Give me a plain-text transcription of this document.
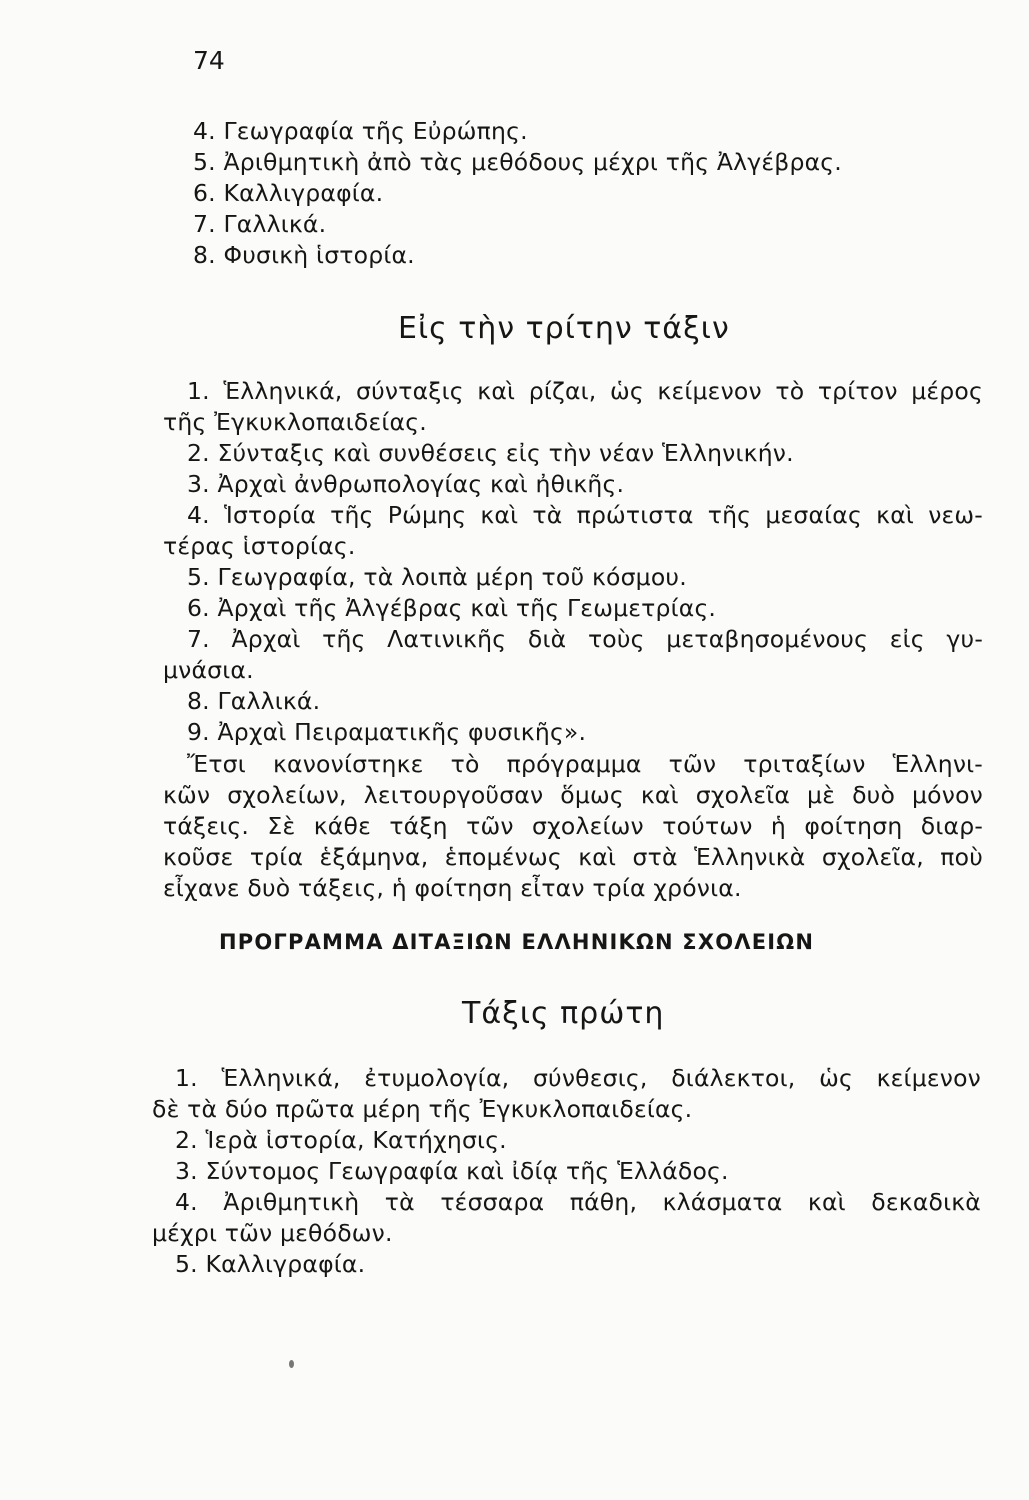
74
4. Γεωγραφία τῆς Εὐρώπης.
5. Ἀριθμητικὴ ἀπὸ τὰς μεθόδους μέχρι τῆς Ἀλγέβρας.
6. Καλλιγραφία.
7. Γαλλικά.
8. Φυσικὴ ἱστορία.
Εἰς τὴν τρίτην τάξιν
1. Ἑλληνικά, σύνταξις καὶ ρίζαι, ὡς κείμενον τὸ τρίτον μέρος
τῆς Ἐγκυκλοπαιδείας.
2. Σύνταξις καὶ συνθέσεις εἰς τὴν νέαν Ἑλληνικήν.
3. Ἀρχαὶ ἀνθρωπολογίας καὶ ἠθικῆς.
4. Ἱστορία τῆς Ρώμης καὶ τὰ πρώτιστα τῆς μεσαίας καὶ νεω-
τέρας ἱστορίας.
5. Γεωγραφία, τὰ λοιπὰ μέρη τοῦ κόσμου.
6. Ἀρχαὶ τῆς Ἀλγέβρας καὶ τῆς Γεωμετρίας.
7. Ἀρχαὶ τῆς Λατινικῆς διὰ τοὺς μεταβησομένους εἰς γυ-
μνάσια.
8. Γαλλικά.
9. Ἀρχαὶ Πειραματικῆς φυσικῆς».
Ἔτσι κανονίστηκε τὸ πρόγραμμα τῶν τριταξίων Ἑλληνι-
κῶν σχολείων, λειτουργοῦσαν ὅμως καὶ σχολεῖα μὲ δυὸ μόνον
τάξεις. Σὲ κάθε τάξη τῶν σχολείων τούτων ἡ φοίτηση διαρ-
κοῦσε τρία ἑξάμηνα, ἑπομένως καὶ στὰ Ἑλληνικὰ σχολεῖα, ποὺ
εἶχανε δυὸ τάξεις, ἡ φοίτηση εἶταν τρία χρόνια.
ΠΡΟΓΡΑΜΜΑ ΔΙΤΑΞΙΩΝ ΕΛΛΗΝΙΚΩΝ ΣΧΟΛΕΙΩΝ
Τάξις πρώτη
1. Ἑλληνικά, ἐτυμολογία, σύνθεσις, διάλεκτοι, ὡς κείμενον
δὲ τὰ δύο πρῶτα μέρη τῆς Ἐγκυκλοπαιδείας.
2. Ἱερὰ ἱστορία, Κατήχησις.
3. Σύντομος Γεωγραφία καὶ ἰδίᾳ τῆς Ἑλλάδος.
4. Ἀριθμητικὴ τὰ τέσσαρα πάθη, κλάσματα καὶ δεκαδικὰ
μέχρι τῶν μεθόδων.
5. Καλλιγραφία.
